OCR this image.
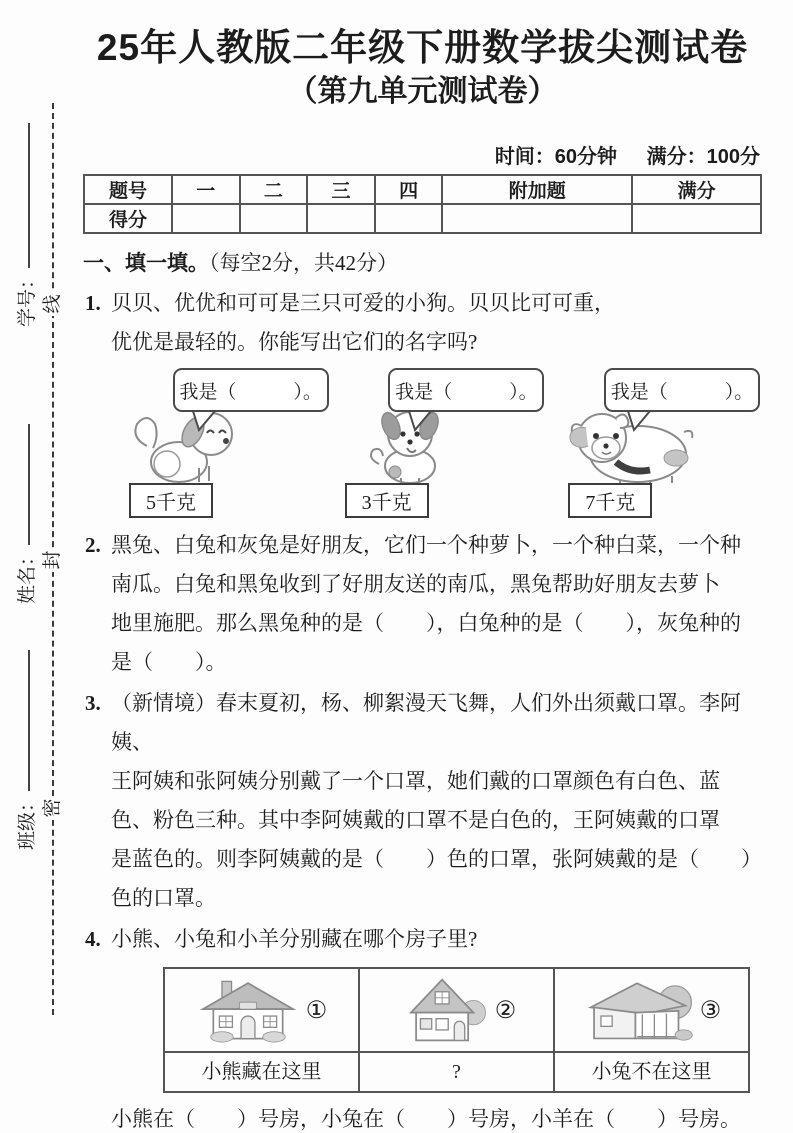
线
封
密
学号：
姓名：
班级：
25年人教版二年级下册数学拔尖测试卷
（第九单元测试卷）
时间：60分钟 满分：100分
题号	一	二	三	四	附加题	满分
得分						
一、填一填。（每空2分，共42分）
1. 贝贝、优优和可可是三只可爱的小狗。贝贝比可可重，
优优是最轻的。你能写出它们的名字吗?
我是（　　　）。
5千克
我是（　　　）。
3千克
我是（　　　）。
7千克
2. 黑兔、白兔和灰兔是好朋友，它们一个种萝卜，一个种白菜，一个种
南瓜。白兔和黑兔收到了好朋友送的南瓜，黑兔帮助好朋友去萝卜
地里施肥。那么黑兔种的是（　　），白兔种的是（　　），灰兔种的
是（　　）。
3. （新情境）春末夏初，杨、柳絮漫天飞舞，人们外出须戴口罩。李阿姨、
王阿姨和张阿姨分别戴了一个口罩，她们戴的口罩颜色有白色、蓝
色、粉色三种。其中李阿姨戴的口罩不是白色的，王阿姨戴的口罩
是蓝色的。则李阿姨戴的是（　　）色的口罩，张阿姨戴的是（　　）
色的口罩。
4. 小熊、小兔和小羊分别藏在哪个房子里?
①	②	③

小熊藏在这里	?	小兔不在这里
小熊在（　　）号房，小兔在（　　）号房，小羊在（　　）号房。
